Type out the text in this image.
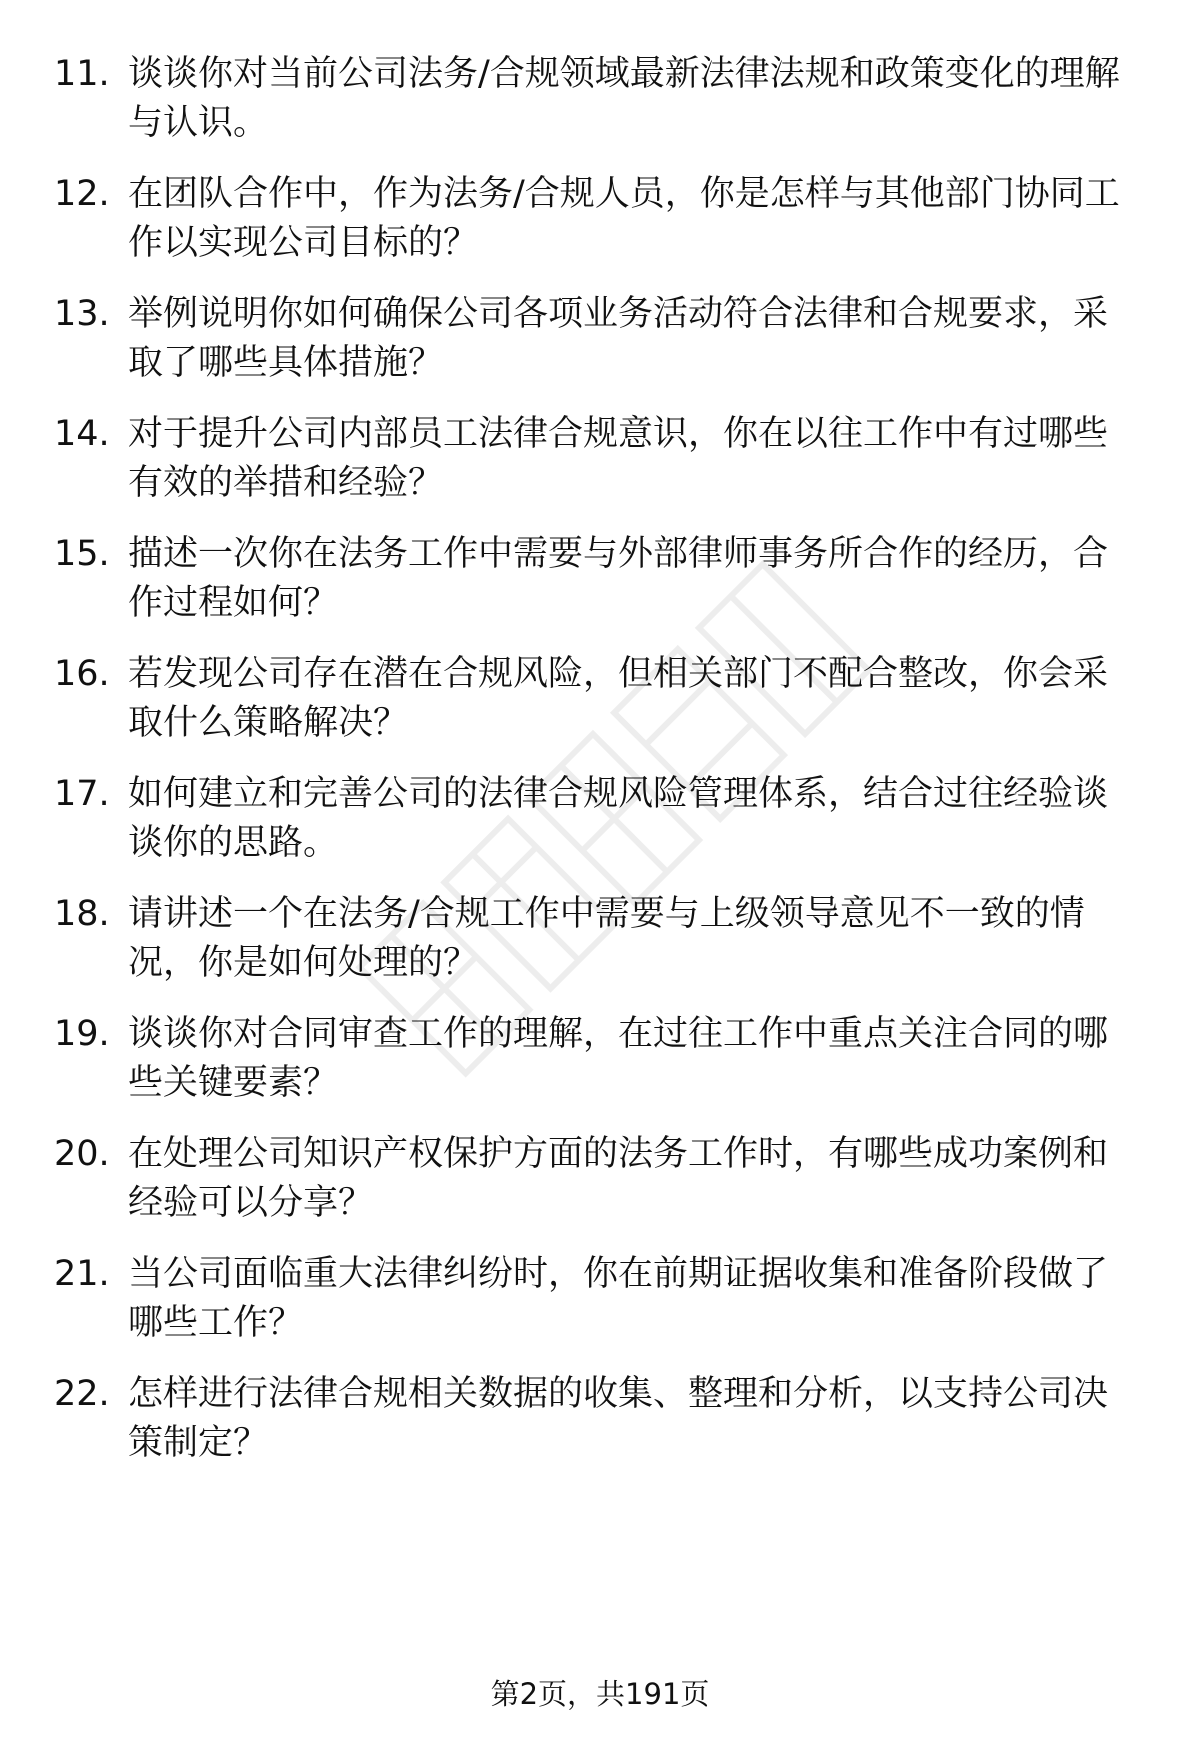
11. 谈谈你对当前公司法务/合规领域最新法律法规和政策变化的理解
与认识。
12. 在团队合作中，作为法务/合规人员，你是怎样与其他部门协同工
作以实现公司目标的？
13. 举例说明你如何确保公司各项业务活动符合法律和合规要求，采
取了哪些具体措施？
14. 对于提升公司内部员工法律合规意识，你在以往工作中有过哪些
有效的举措和经验？
15. 描述一次你在法务工作中需要与外部律师事务所合作的经历，合
作过程如何？
16. 若发现公司存在潜在合规风险，但相关部门不配合整改，你会采
取什么策略解决？
17. 如何建立和完善公司的法律合规风险管理体系，结合过往经验谈
谈你的思路。
18. 请讲述一个在法务/合规工作中需要与上级领导意见不一致的情
况，你是如何处理的？
19. 谈谈你对合同审查工作的理解，在过往工作中重点关注合同的哪
些关键要素？
20. 在处理公司知识产权保护方面的法务工作时，有哪些成功案例和
经验可以分享？
21. 当公司面临重大法律纠纷时，你在前期证据收集和准备阶段做了
哪些工作？
22. 怎样进行法律合规相关数据的收集、整理和分析，以支持公司决
策制定？
第2页，共191页
